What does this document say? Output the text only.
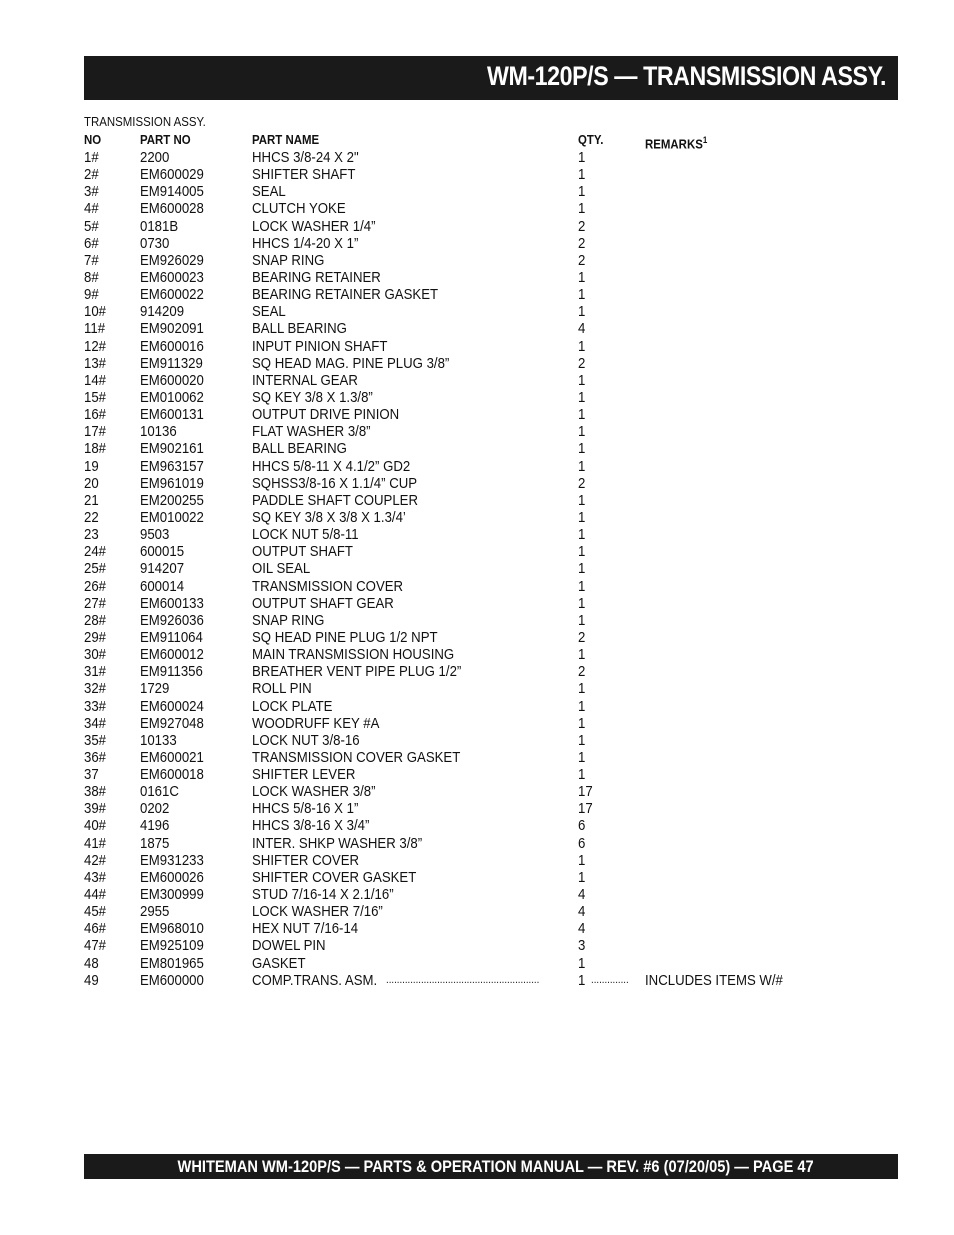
WM-120P/S — TRANSMISSION ASSY.
TRANSMISSION ASSY.
NO	PART NO	PART NAME	QTY.	REMARKS$^1$
1#	2200	HHCS 3/8-24 X 2"	1
2#	EM600029	SHIFTER SHAFT	1
3#	EM914005	SEAL	1
4#	EM600028	CLUTCH YOKE	1
5#	0181B	LOCK WASHER 1/4”	2
6#	0730	HHCS 1/4-20 X 1”	2
7#	EM926029	SNAP RING	2
8#	EM600023	BEARING RETAINER	1
9#	EM600022	BEARING RETAINER GASKET	1
10# 914209	SEAL	1
11# EM902091	BALL BEARING	4
12# EM600016	INPUT PINION SHAFT	1
13# EM911329	SQ HEAD MAG. PINE PLUG 3/8”	2
14# EM600020	INTERNAL GEAR	1
15# EM010062	SQ KEY 3/8 X 1.3/8”	1
16# EM600131	OUTPUT DRIVE PINION	1
17# 10136	FLAT WASHER 3/8”	1
18# EM902161	BALL BEARING	1
19	EM963157	HHCS 5/8-11 X 4.1/2” GD2	1
20	EM961019	SQHSS3/8-16 X 1.1/4” CUP	2
21	EM200255	PADDLE SHAFT COUPLER	1
22	EM010022	SQ KEY 3/8 X 3/8 X 1.3/4’	1
23	9503	LOCK NUT 5/8-11	1
24# 600015	OUTPUT SHAFT	1
25# 914207	OIL SEAL	1
26# 600014	TRANSMISSION COVER	1
27# EM600133	OUTPUT SHAFT GEAR	1
28# EM926036	SNAP RING	1
29# EM911064	SQ HEAD PINE PLUG 1/2 NPT	2
30# EM600012	MAIN TRANSMISSION HOUSING	1
31# EM911356	BREATHER VENT PIPE PLUG 1/2”	2
32# 1729	ROLL PIN	1
33# EM600024	LOCK PLATE	1
34# EM927048	WOODRUFF KEY #A	1
35# 10133	LOCK NUT 3/8-16	1
36# EM600021	TRANSMISSION COVER GASKET	1
37	EM600018	SHIFTER LEVER	1
38# 0161C	LOCK WASHER 3/8”	17
39# 0202	HHCS 5/8-16 X 1”	17
40# 4196	HHCS 3/8-16 X 3/4”	6
41# 1875	INTER. SHKP WASHER 3/8”	6
42# EM931233	SHIFTER COVER	1
43# EM600026	SHIFTER COVER GASKET	1
44# EM300999	STUD 7/16-14 X 2.1/16”	4
45# 2955	LOCK WASHER 7/16”	4
46# EM968010	HEX NUT 7/16-14	4
47# EM925109	DOWEL PIN	3
48	EM801965	GASKET	1
49	EM600000	COMP.TRANS. ASM.	1	INCLUDES ITEMS W/#
.........................................................	..............
WHITEMAN WM-120P/S — PARTS & OPERATION MANUAL — REV. #6 (07/20/05) — PAGE 47
